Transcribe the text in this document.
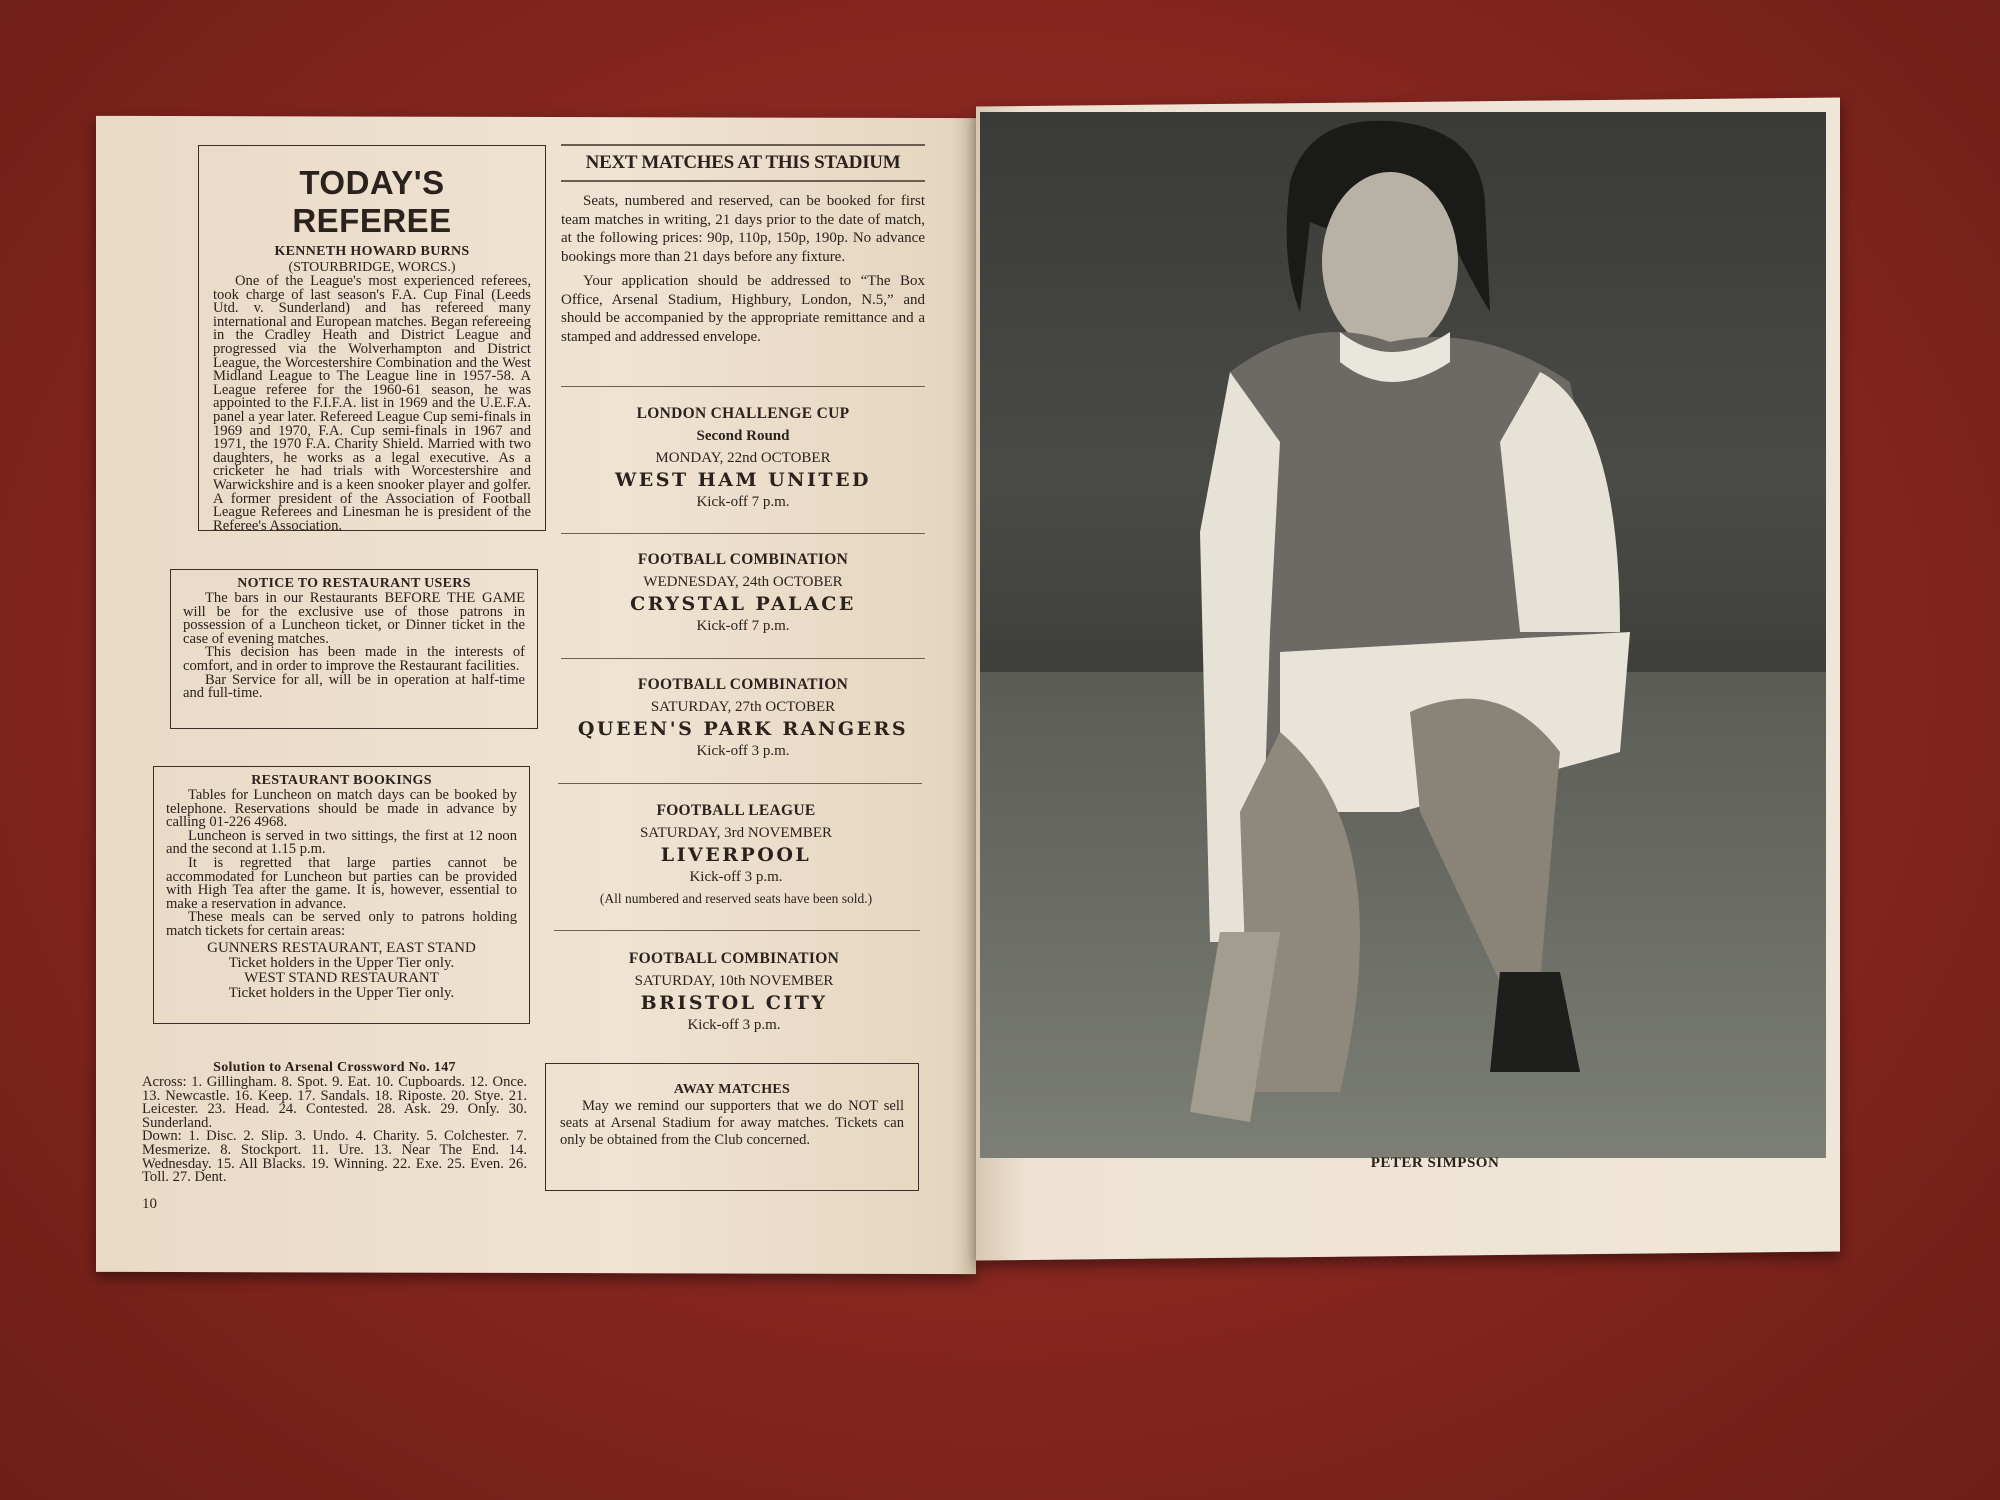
TODAY'S
REFEREE
KENNETH HOWARD BURNS
(STOURBRIDGE, WORCS.)

One of the League's most experienced referees, took charge of last season's F.A. Cup Final (Leeds Utd. v. Sunderland) and has refereed many international and European matches. Began refereeing in the Cradley Heath and District League and progressed via the Wolverhampton and District League, the Worcestershire Combination and the West Midland League to The League line in 1957-58. A League referee for the 1960-61 season, he was appointed to the F.I.F.A. list in 1969 and the U.E.F.A. panel a year later. Refereed League Cup semi-finals in 1969 and 1970, F.A. Cup semi-finals in 1967 and 1971, the 1970 F.A. Charity Shield. Married with two daughters, he works as a legal executive. As a cricketer he had trials with Worcestershire and Warwickshire and is a keen snooker player and golfer. A former president of the Association of Football League Referees and Linesman he is president of the Referee's Association.

NOTICE TO RESTAURANT USERS

The bars in our Restaurants BEFORE THE GAME will be for the exclusive use of those patrons in possession of a Luncheon ticket, or Dinner ticket in the case of evening matches.

This decision has been made in the interests of comfort, and in order to improve the Restaurant facilities.

Bar Service for all, will be in operation at half-time and full-time.

RESTAURANT BOOKINGS

Tables for Luncheon on match days can be booked by telephone. Reservations should be made in advance by calling 01-226 4968.

Luncheon is served in two sittings, the first at 12 noon and the second at 1.15 p.m.

It is regretted that large parties cannot be accommodated for Luncheon but parties can be provided with High Tea after the game. It is, however, essential to make a reservation in advance.

These meals can be served only to patrons holding match tickets for certain areas:

GUNNERS RESTAURANT, EAST STAND
Ticket holders in the Upper Tier only.
WEST STAND RESTAURANT
Ticket holders in the Upper Tier only.
Solution to Arsenal Crossword No. 147
Across: 1. Gillingham. 8. Spot. 9. Eat. 10. Cupboards. 12. Once. 13. Newcastle. 16. Keep. 17. Sandals. 18. Riposte. 20. Stye. 21. Leicester. 23. Head. 24. Contested. 28. Ask. 29. Only. 30. Sunderland.
Down: 1. Disc. 2. Slip. 3. Undo. 4. Charity. 5. Colchester. 7. Mesmerize. 8. Stockport. 11. Ure. 13. Near The End. 14. Wednesday. 15. All Blacks. 19. Winning. 22. Exe. 25. Even. 26. Toll. 27. Dent.
10
NEXT MATCHES AT THIS STADIUM

Seats, numbered and reserved, can be booked for first team matches in writing, 21 days prior to the date of match, at the following prices: 90p, 110p, 150p, 190p. No advance bookings more than 21 days before any fixture.

Your application should be addressed to “The Box Office, Arsenal Stadium, Highbury, London, N.5,” and should be accompanied by the appropriate remittance and a stamped and addressed envelope.

LONDON CHALLENGE CUP
Second Round
MONDAY, 22nd OCTOBER
WEST HAM UNITED
Kick-off 7 p.m.
FOOTBALL COMBINATION
WEDNESDAY, 24th OCTOBER
CRYSTAL PALACE
Kick-off 7 p.m.
FOOTBALL COMBINATION
SATURDAY, 27th OCTOBER
QUEEN'S PARK RANGERS
Kick-off 3 p.m.
FOOTBALL LEAGUE
SATURDAY, 3rd NOVEMBER
LIVERPOOL
Kick-off 3 p.m.
(All numbered and reserved seats have been sold.)
FOOTBALL COMBINATION
SATURDAY, 10th NOVEMBER
BRISTOL CITY
Kick-off 3 p.m.
AWAY MATCHES

May we remind our supporters that we do NOT sell seats at Arsenal Stadium for away matches. Tickets can only be obtained from the Club concerned.

PETER SIMPSON
